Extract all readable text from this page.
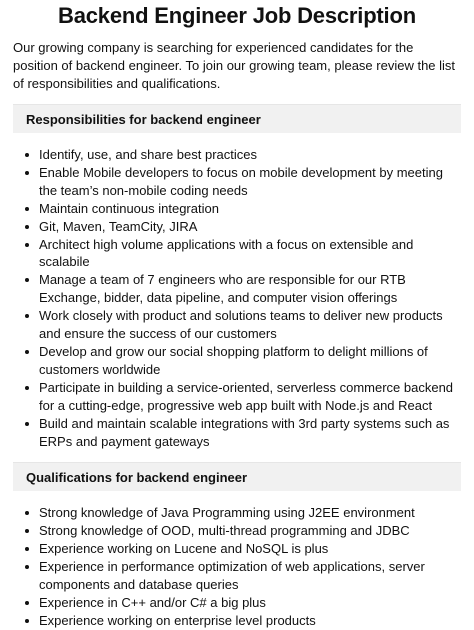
Backend Engineer Job Description

Our growing company is searching for experienced candidates for the position of backend engineer. To join our growing team, please review the list of responsibilities and qualifications.

Responsibilities for backend engineer
Identify, use, and share best practices
Enable Mobile developers to focus on mobile development by meeting the team’s non-mobile coding needs
Maintain continuous integration
Git, Maven, TeamCity, JIRA
Architect high volume applications with a focus on extensible and scalabile
Manage a team of 7 engineers who are responsible for our RTB Exchange, bidder, data pipeline, and computer vision offerings
Work closely with product and solutions teams to deliver new products and ensure the success of our customers
Develop and grow our social shopping platform to delight millions of customers worldwide
Participate in building a service-oriented, serverless commerce backend for a cutting-edge, progressive web app built with Node.js and React
Build and maintain scalable integrations with 3rd party systems such as ERPs and payment gateways
Qualifications for backend engineer
Strong knowledge of Java Programming using J2EE environment
Strong knowledge of OOD, multi-thread programming and JDBC
Experience working on Lucene and NoSQL is plus
Experience in performance optimization of web applications, server components and database queries
Experience in C++ and/or C# a big plus
Experience working on enterprise level products
